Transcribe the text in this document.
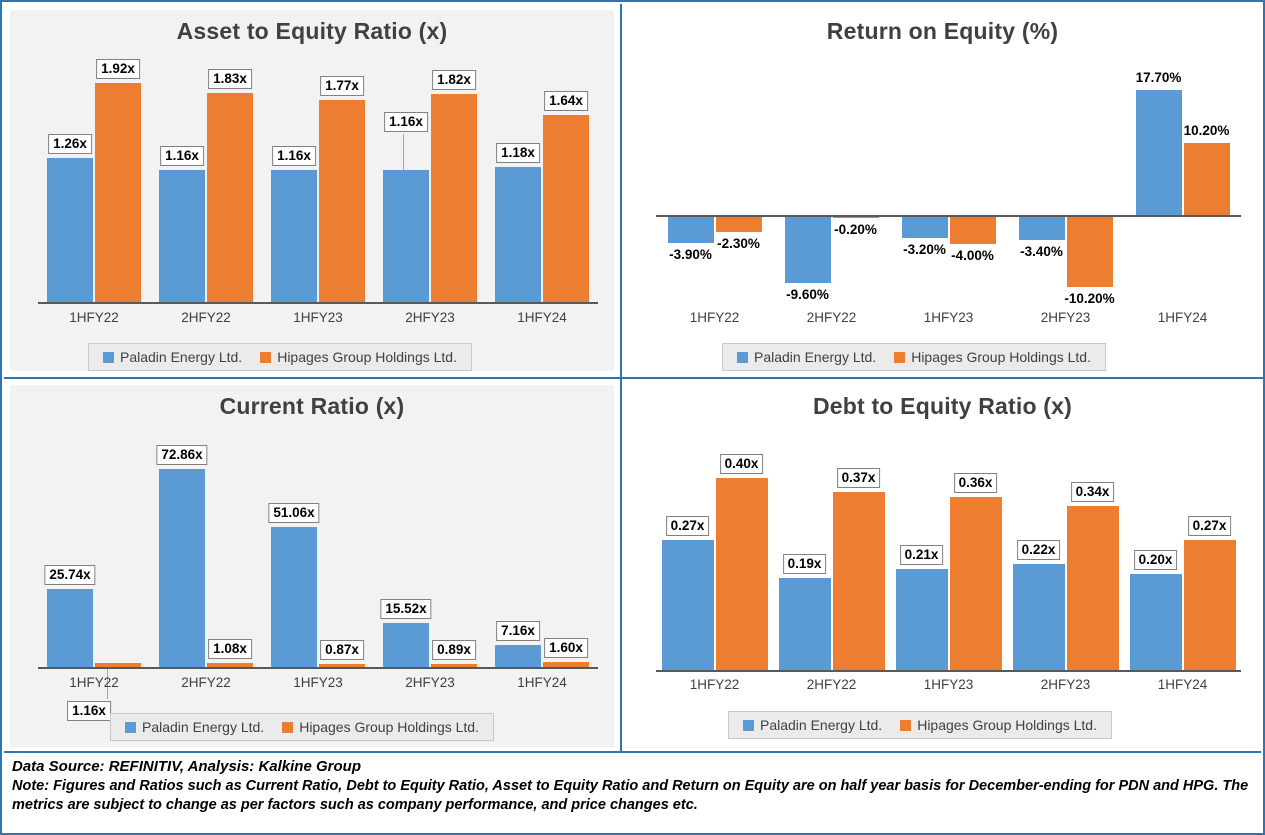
Asset to Equity Ratio (x)
1.26x
1.92x
1.16x
1.83x
1.16x
1.77x
1.16x
1.82x
1.18x
1.64x
1HFY22	2HFY22	1HFY23	2HFY23	1HFY24
Paladin Energy Ltd.	Hipages Group Holdings Ltd.
Return on Equity (%)
-3.90%
-2.30%
-9.60%
-0.20%
-3.20% -4.00% -3.40%
-10.20%
17.70%
10.20%
1HFY22	2HFY22	1HFY23	2HFY23	1HFY24
Paladin Energy Ltd.	Hipages Group Holdings Ltd.
Current Ratio (x)
25.74x
1.16x
72.86x
1.08x
51.06x
0.87x
15.52x
0.89x
7.16x
1.60x
1HFY22	2HFY22	1HFY23	2HFY23	1HFY24
Paladin Energy Ltd.	Hipages Group Holdings Ltd.
Debt to Equity Ratio (x)
0.27x
0.40x
0.19x
0.37x
0.21x
0.36x
0.22x
0.34x
0.20x
0.27x
1HFY22	2HFY22	1HFY23	2HFY23	1HFY24
Paladin Energy Ltd.	Hipages Group Holdings Ltd.
Data Source: REFINITIV, Analysis: Kalkine Group
Note: Figures and Ratios such as Current Ratio, Debt to Equity Ratio, Asset to Equity Ratio and Return on Equity are on half year basis for December-ending for PDN and HPG. The metrics are subject to change as per factors such as company performance, and price changes etc.
